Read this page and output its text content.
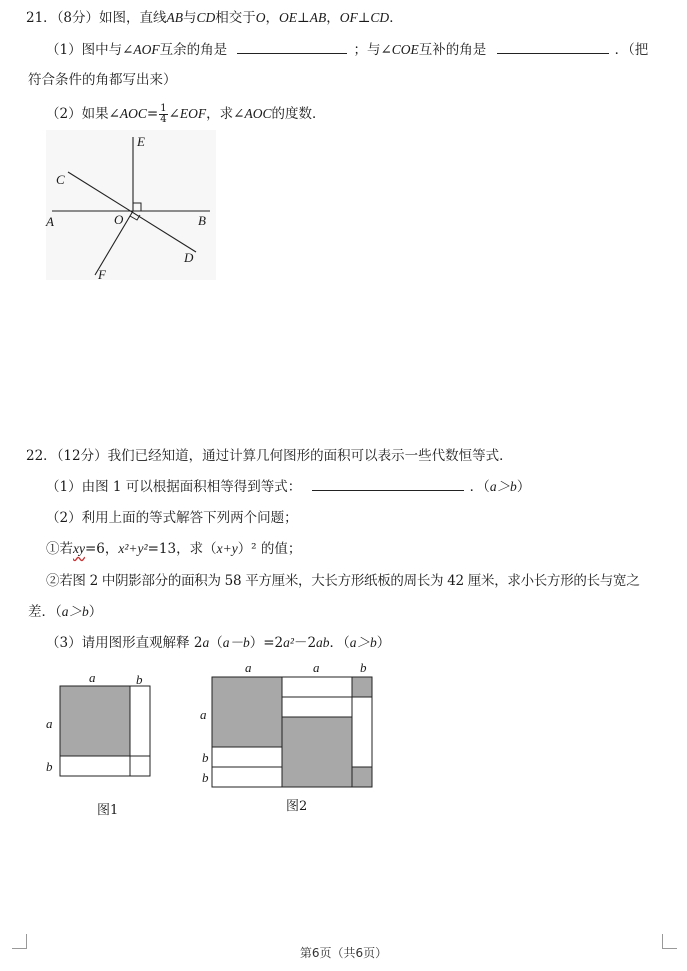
21．（8分）如图，直线AB与CD相交于O，OE⊥AB，OF⊥CD．
（1）图中与∠AOF互余的角是	；与∠COE互补的角是	．（把
符合条件的角都写出来）
（2）如果∠AOC= $\frac{1}{4}$ ∠EOF，求∠AOC的度数．
E
C
A	O	B
D
F
22．（12分）我们已经知道，通过计算几何图形的面积可以表示一些代数恒等式．
（1）由图 1 可以根据面积相等得到等式：	．（a＞b）
（2）利用上面的等式解答下列两个问题；
①若xy=6，x²+y²=13，求（x+y）² 的值；
②若图 2 中阴影部分的面积为 58 平方厘米，大长方形纸板的周长为 42 厘米，求小长方形的长与宽之
差．（a＞b）
（3）请用图形直观解释 2a（a－b）=2a²－2ab．（a＞b）
a	b
a
b
图1
a	a	b
a
b
b
图2
第6页（共6页）
